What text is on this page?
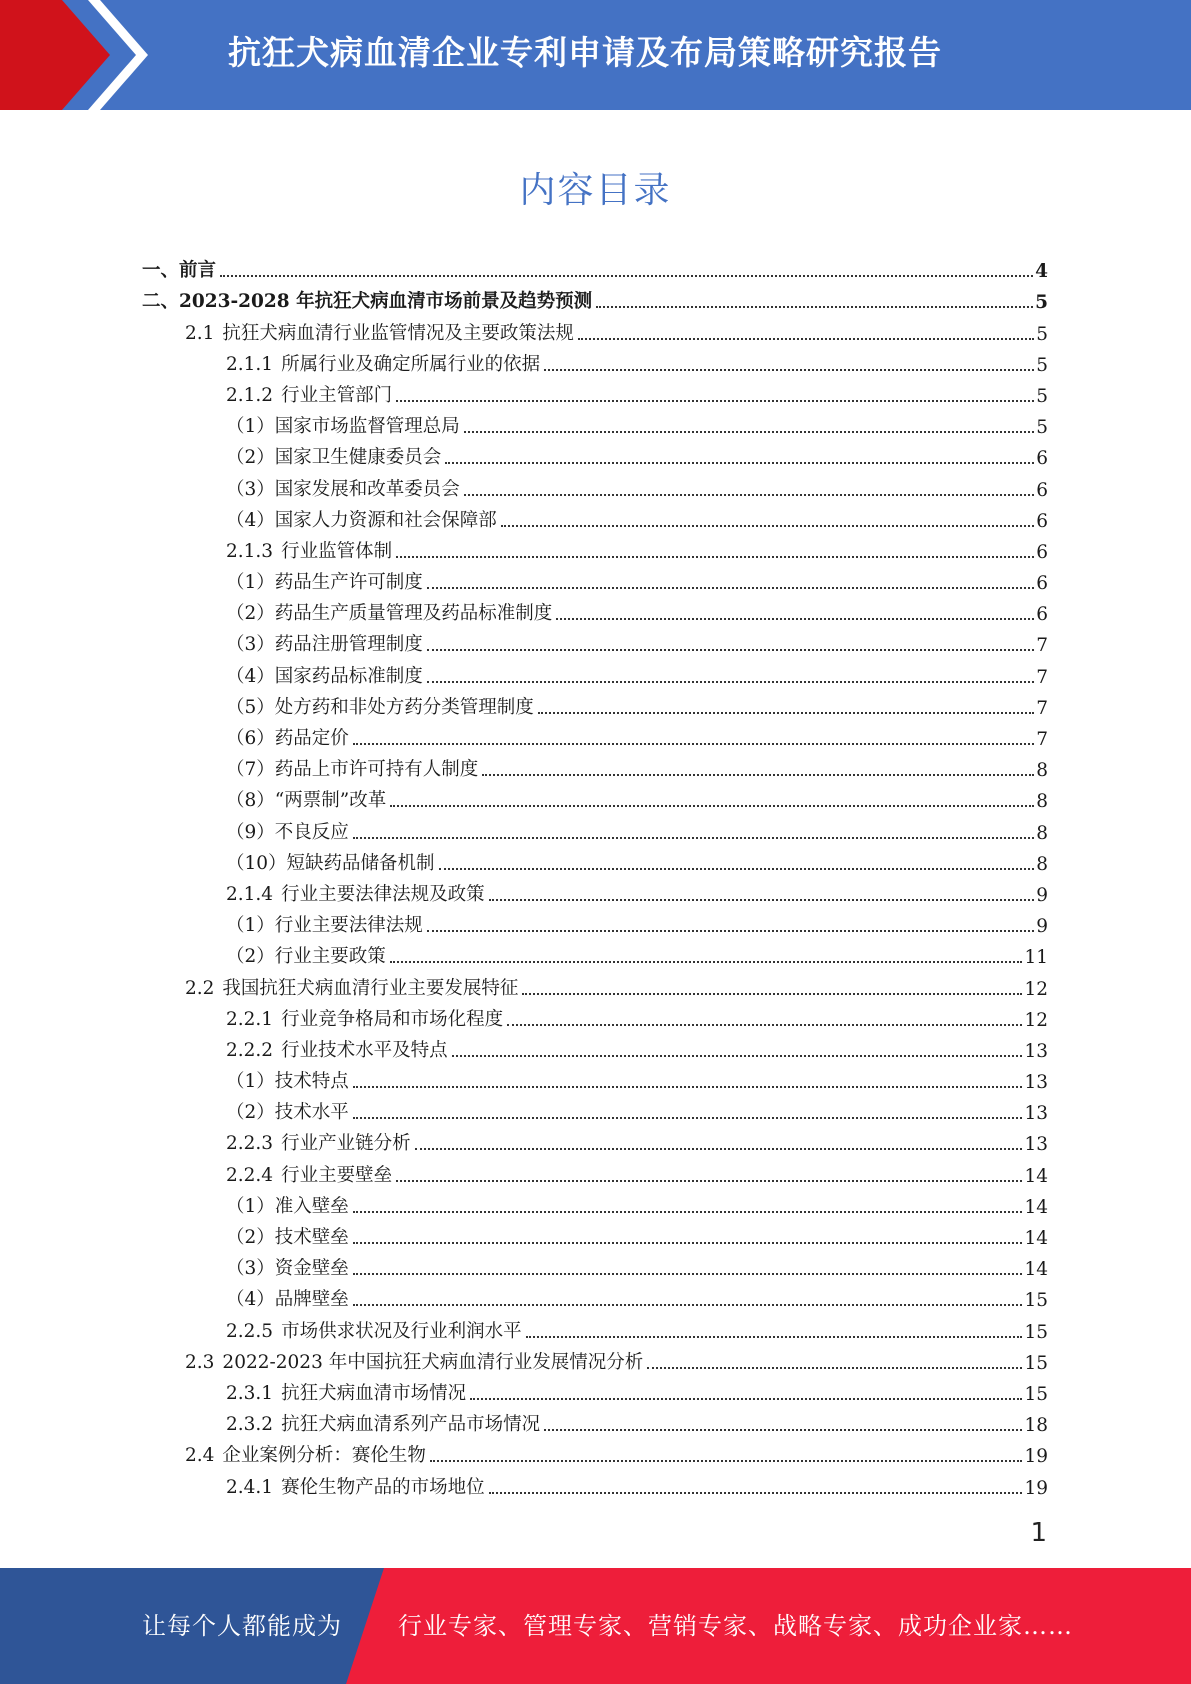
抗狂犬病血清企业专利申请及布局策略研究报告
内容目录
一、前言	4
二、2023-2028 年抗狂犬病血清市场前景及趋势预测	5
2.1 抗狂犬病血清行业监管情况及主要政策法规	5
2.1.1 所属行业及确定所属行业的依据	5
2.1.2 行业主管部门	5
（1）国家市场监督管理总局	5
（2）国家卫生健康委员会	6
（3）国家发展和改革委员会	6
（4）国家人力资源和社会保障部	6
2.1.3 行业监管体制	6
（1）药品生产许可制度	6
（2）药品生产质量管理及药品标准制度	6
（3）药品注册管理制度	7
（4）国家药品标准制度	7
（5）处方药和非处方药分类管理制度	7
（6）药品定价	7
（7）药品上市许可持有人制度	8
（8）“两票制”改革	8
（9）不良反应	8
（10）短缺药品储备机制	8
2.1.4 行业主要法律法规及政策	9
（1）行业主要法律法规	9
（2）行业主要政策	11
2.2 我国抗狂犬病血清行业主要发展特征	12
2.2.1 行业竞争格局和市场化程度	12
2.2.2 行业技术水平及特点	13
（1）技术特点	13
（2）技术水平	13
2.2.3 行业产业链分析	13
2.2.4 行业主要壁垒	14
（1）准入壁垒	14
（2）技术壁垒	14
（3）资金壁垒	14
（4）品牌壁垒	15
2.2.5 市场供求状况及行业利润水平	15
2.3 2022-2023 年中国抗狂犬病血清行业发展情况分析	15
2.3.1 抗狂犬病血清市场情况	15
2.3.2 抗狂犬病血清系列产品市场情况	18
2.4 企业案例分析：赛伦生物	19
2.4.1 赛伦生物产品的市场地位	19
1
让每个人都能成为 行业专家、管理专家、营销专家、战略专家、成功企业家……
